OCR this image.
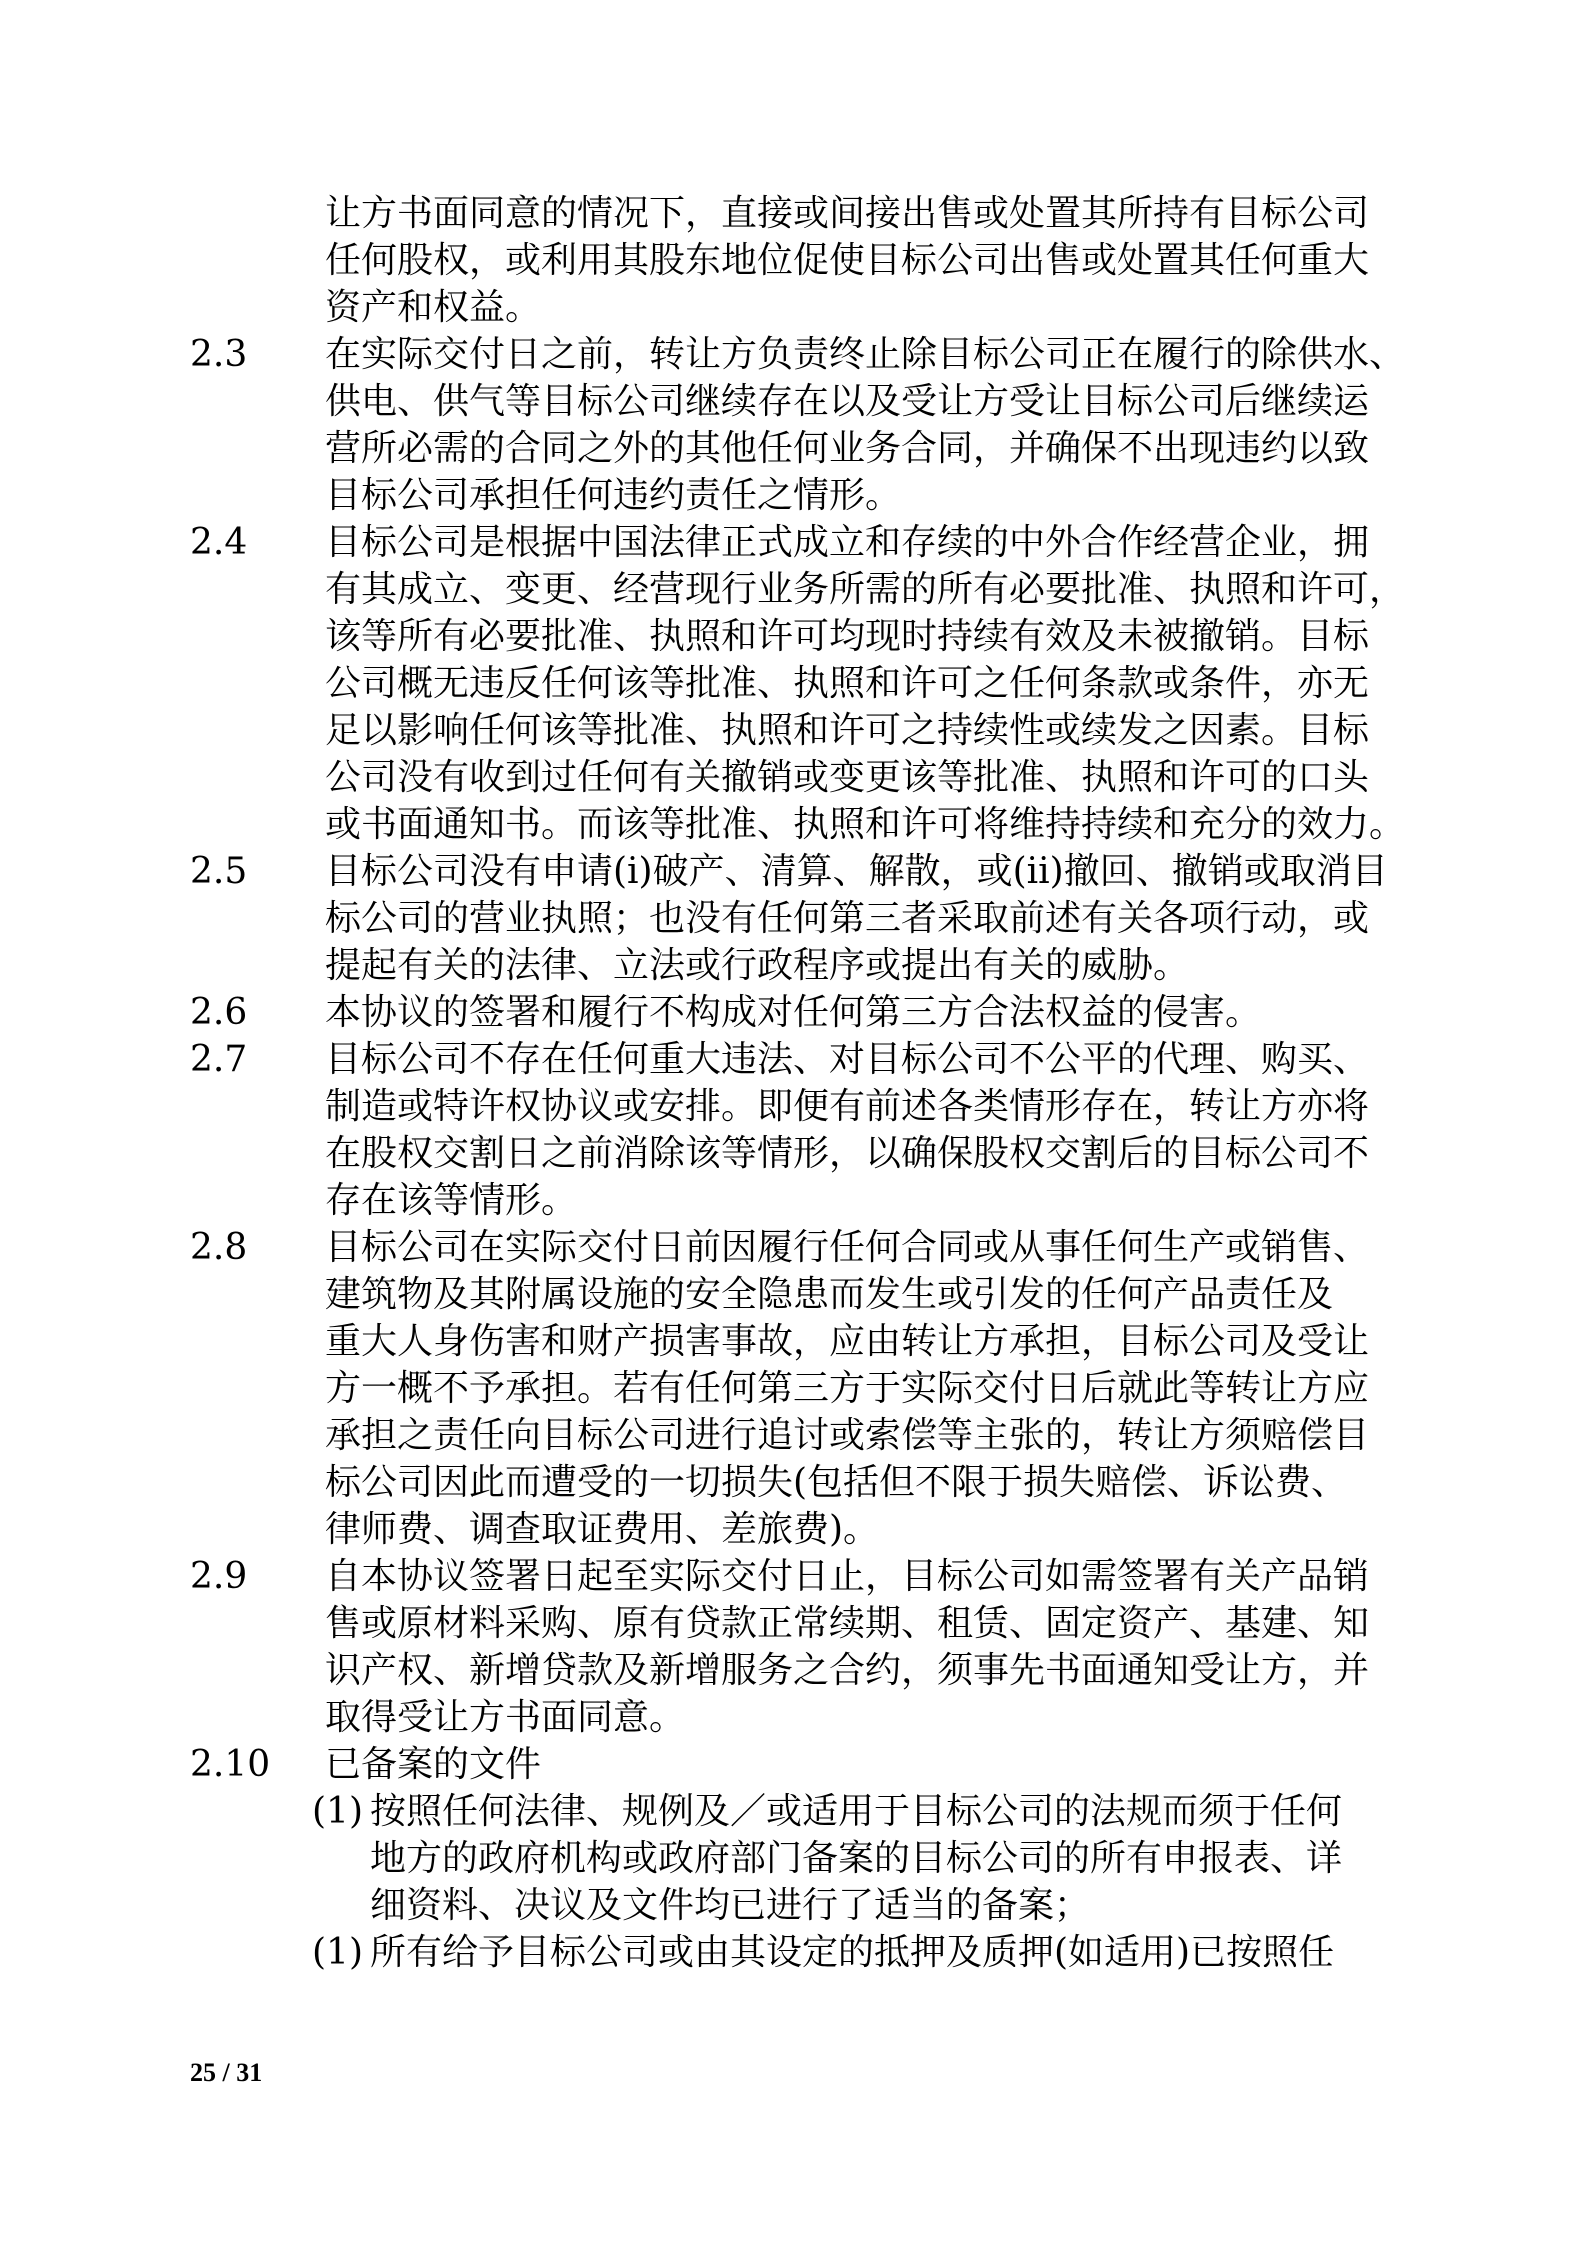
让方书面同意的情况下，直接或间接出售或处置其所持有目标公司
任何股权，或利用其股东地位促使目标公司出售或处置其任何重大
资产和权益。
2.3 在实际交付日之前，转让方负责终止除目标公司正在履行的除供水、
供电、供气等目标公司继续存在以及受让方受让目标公司后继续运
营所必需的合同之外的其他任何业务合同，并确保不出现违约以致
目标公司承担任何违约责任之情形。
2.4 目标公司是根据中国法律正式成立和存续的中外合作经营企业，拥
有其成立、变更、经营现行业务所需的所有必要批准、执照和许可，
该等所有必要批准、执照和许可均现时持续有效及未被撤销。目标
公司概无违反任何该等批准、执照和许可之任何条款或条件，亦无
足以影响任何该等批准、执照和许可之持续性或续发之因素。目标
公司没有收到过任何有关撤销或变更该等批准、执照和许可的口头
或书面通知书。而该等批准、执照和许可将维持持续和充分的效力。
2.5 目标公司没有申请(i)破产、清算、解散，或(ii)撤回、撤销或取消目
标公司的营业执照；也没有任何第三者采取前述有关各项行动，或
提起有关的法律、立法或行政程序或提出有关的威胁。
2.6 本协议的签署和履行不构成对任何第三方合法权益的侵害。
2.7 目标公司不存在任何重大违法、对目标公司不公平的代理、购买、
制造或特许权协议或安排。即便有前述各类情形存在，转让方亦将
在股权交割日之前消除该等情形，以确保股权交割后的目标公司不
存在该等情形。
2.8 目标公司在实际交付日前因履行任何合同或从事任何生产或销售、
建筑物及其附属设施的安全隐患而发生或引发的任何产品责任及
重大人身伤害和财产损害事故，应由转让方承担，目标公司及受让
方一概不予承担。若有任何第三方于实际交付日后就此等转让方应
承担之责任向目标公司进行追讨或索偿等主张的，转让方须赔偿目
标公司因此而遭受的一切损失(包括但不限于损失赔偿、诉讼费、
律师费、调查取证费用、差旅费)。
2.9 自本协议签署日起至实际交付日止，目标公司如需签署有关产品销
售或原材料采购、原有贷款正常续期、租赁、固定资产、基建、知
识产权、新增贷款及新增服务之合约，须事先书面通知受让方，并
取得受让方书面同意。
2.10 已备案的文件
(1) 按照任何法律、规例及／或适用于目标公司的法规而须于任何
地方的政府机构或政府部门备案的目标公司的所有申报表、详
细资料、决议及文件均已进行了适当的备案；
(1) 所有给予目标公司或由其设定的抵押及质押(如适用)已按照任
25 / 31
